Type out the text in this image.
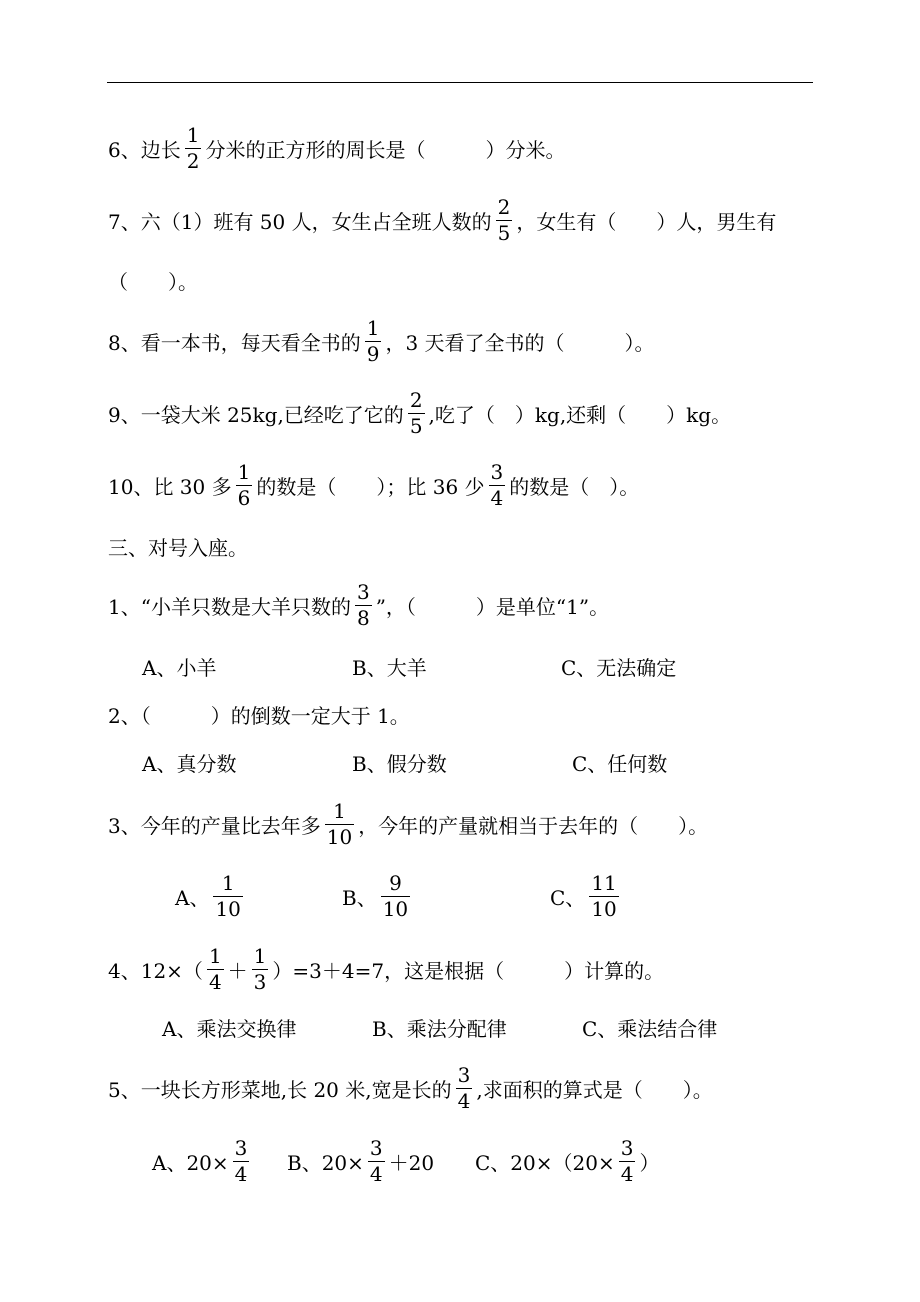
6、边长 $\frac{1}{2}$ 分米的正方形的周长是（　　　）分米。
7、六（1）班有 50 人，女生占全班人数的 $\frac{2}{5}$ ，女生有（　　）人，男生有
（　　）。
8、看一本书，每天看全书的 $\frac{1}{9}$ ，3 天看了全书的（　　　）。
9、一袋大米 25kg,已经吃了它的 $\frac{2}{5}$ ,吃了（　）kg,还剩（　　）kg。
10、比 30 多 $\frac{1}{6}$ 的数是（　　）；比 36 少 $\frac{3}{4}$ 的数是（　）。
三、对号入座。
1、“小羊只数是大羊只数的 $\frac{3}{8}$ ”，（　　　）是单位“1”。
A、小羊	B、大羊	C、无法确定
2、（　　　）的倒数一定大于 1。
A、真分数	B、假分数	C、任何数
3、今年的产量比去年多 $\frac{1}{10}$ ，今年的产量就相当于去年的（　　）。
A、 $\frac{1}{10}$	B、 $\frac{9}{10}$	C、 $\frac{11}{10}$
4、$12\times( \frac{1}{4} + \frac{1}{3} )=3+4=7$，这是根据（　　　）计算的。
A、乘法交换律	B、乘法分配律	C、乘法结合律
5、一块长方形菜地,长 20 米,宽是长的 $\frac{3}{4}$ ,求面积的算式是（　　）。
A、$20\times \frac{3}{4}$ B、$20\times \frac{3}{4} +20$ C、$20\times(20\times \frac{3}{4}$ ）
